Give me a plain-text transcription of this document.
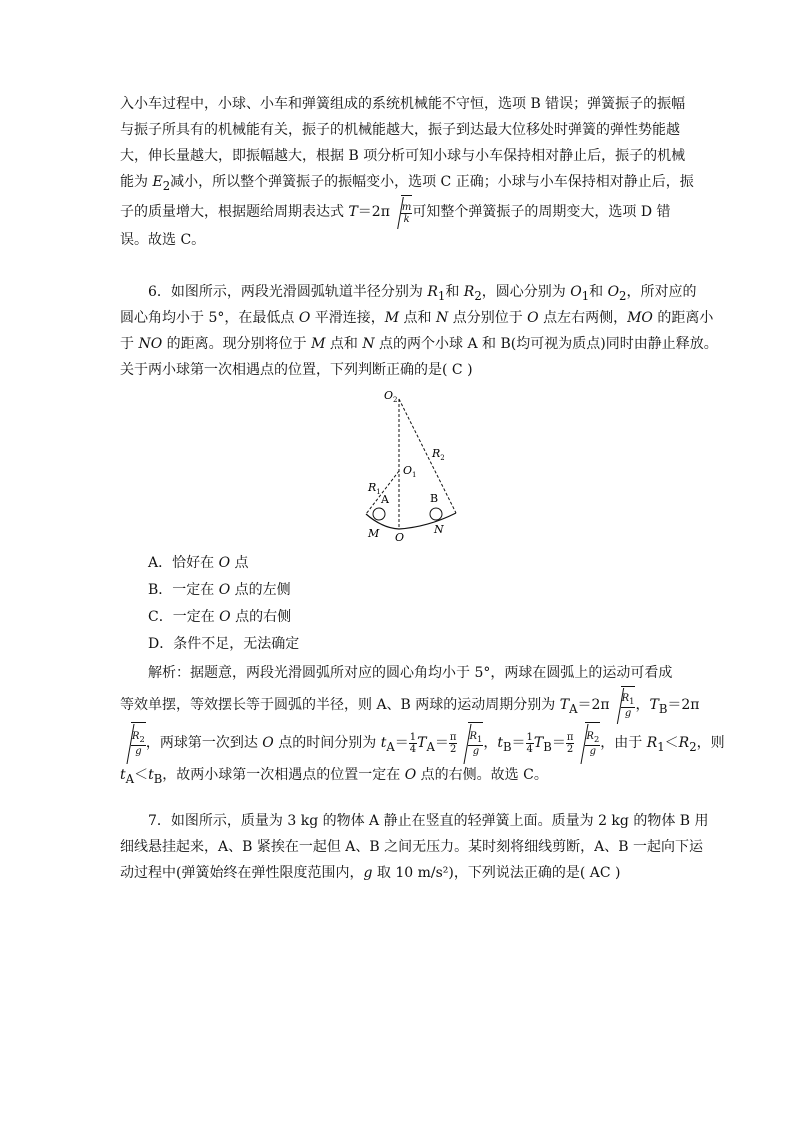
入小车过程中，小球、小车和弹簧组成的系统机械能不守恒，选项 B 错误；弹簧振子的振幅
与振子所具有的机械能有关，振子的机械能越大，振子到达最大位移处时弹簧的弹性势能越
大，伸长量越大，即振幅越大，根据 B 项分析可知小球与小车保持相对静止后，振子的机械
能为 $E_2$减小，所以整个弹簧振子的振幅变小，选项 C 正确；小球与小车保持相对静止后，振
子的质量增大，根据题给周期表达式 $T=2\pi \frac{m}{k}$ 可知整个弹簧振子的周期变大，选项 D 错
误。故选 C。
6．如图所示，两段光滑圆弧轨道半径分别为 $R_1$和 $R_2$，圆心分别为 $O_1$和 $O_2$，所对应的
圆心角均小于 5°，在最低点 O 平滑连接，M 点和 N 点分别位于 O 点左右两侧，MO 的距离小
于 NO 的距离。现分别将位于 M 点和 N 点的两个小球 A 和 B(均可视为质点)同时由静止释放。
关于两小球第一次相遇点的位置，下列判断正确的是( C )
$O_2$
$O_1$
$R_2$
$R_1$
A	B
M O
N
A．恰好在 O 点
B．一定在 O 点的左侧
C．一定在 O 点的右侧
D．条件不足，无法确定
解析：据题意，两段光滑圆弧所对应的圆心角均小于 5°，两球在圆弧上的运动可看成
等效单摆，等效摆长等于圆弧的半径，则 A、B 两球的运动周期分别为 $T_A=2\pi \frac{R_1}{g}$ ，$T_B=2\pi$
$\frac{R_2}{g}$ ，两球第一次到达 O 点的时间分别为 $t_A= \frac{1}{4} T_A= \frac{\pi}{2} \frac{R_1}{g}$ ，$t_B= \frac{1}{4} T_B= \frac{\pi}{2} \frac{R_2}{g}$ ，由于 $R_1<R_2$，则
$t_A<t_B$，故两小球第一次相遇点的位置一定在 O 点的右侧。故选 C。
7．如图所示，质量为 3 kg 的物体 A 静止在竖直的轻弹簧上面。质量为 2 kg 的物体 B 用
细线悬挂起来，A、B 紧挨在一起但 A、B 之间无压力。某时刻将细线剪断，A、B 一起向下运
动过程中(弹簧始终在弹性限度范围内，g 取 10 m/s²)，下列说法正确的是( AC )
